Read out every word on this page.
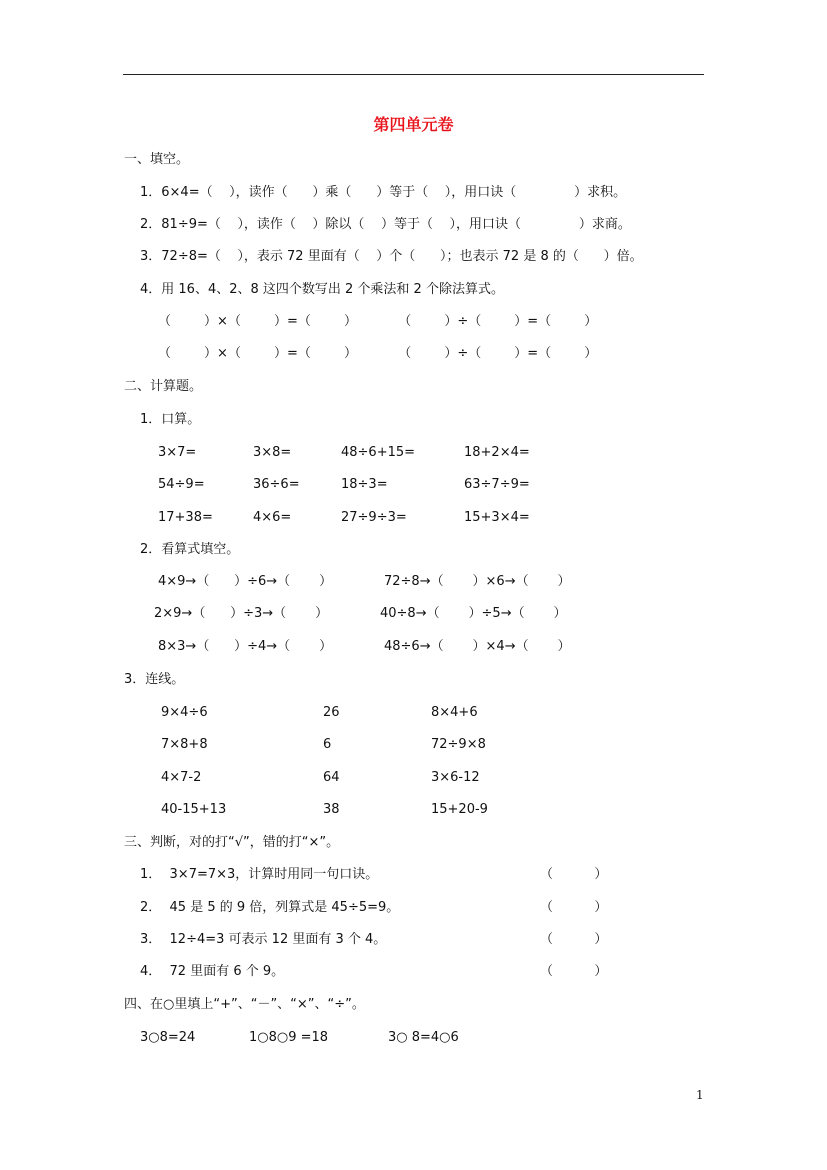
第四单元卷
一、填空。
1．6×4=（    ），读作（      ）乘（      ）等于（    ），用口诀（              ）求积。
2．81÷9=（    ），读作（    ）除以（    ）等于（    ），用口诀（              ）求商。
3．72÷8=（    ），表示 72 里面有（    ）个（      ）；也表示 72 是 8 的（      ）倍。
4．用 16、4、2、8 这四个数写出 2 个乘法和 2 个除法算式。
（        ）×（        ）=（        ）          （        ）÷（        ）=（        ）
（        ）×（        ）=（        ）          （        ）÷（        ）=（        ）
二、计算题。
1．口算。
3×7=	3×8=	48÷6+15=	18+2×4=
54÷9=	36÷6=	18÷3=	63÷7÷9=
17+38=	4×6=	27÷9÷3=	15+3×4=
2．看算式填空。
4×9→（      ）÷6→（       ）	72÷8→（       ）×6→（       ）
2×9→（      ）÷3→（       ）	40÷8→（       ）÷5→（       ）
8×3→（      ）÷4→（       ）	48÷6→（       ）×4→（       ）
3．连线。
9×4÷6	26	8×4+6
7×8+8	6	72÷9×8
4×7-2	64	3×6-12
40-15+13	38	15+20-9
三、判断，对的打“√”，错的打“×”。
1．  3×7=7×3，计算时用同一句口诀。	（          ）
2．  45 是 5 的 9 倍，列算式是 45÷5=9。	（          ）
3．  12÷4=3 可表示 12 里面有 3 个 4。	（          ）
4．  72 里面有 6 个 9。	（          ）
四、在○里填上“+”、“－”、“×”、“÷”。
3○8=24	1○8○9 =18	3○ 8=4○6
1
